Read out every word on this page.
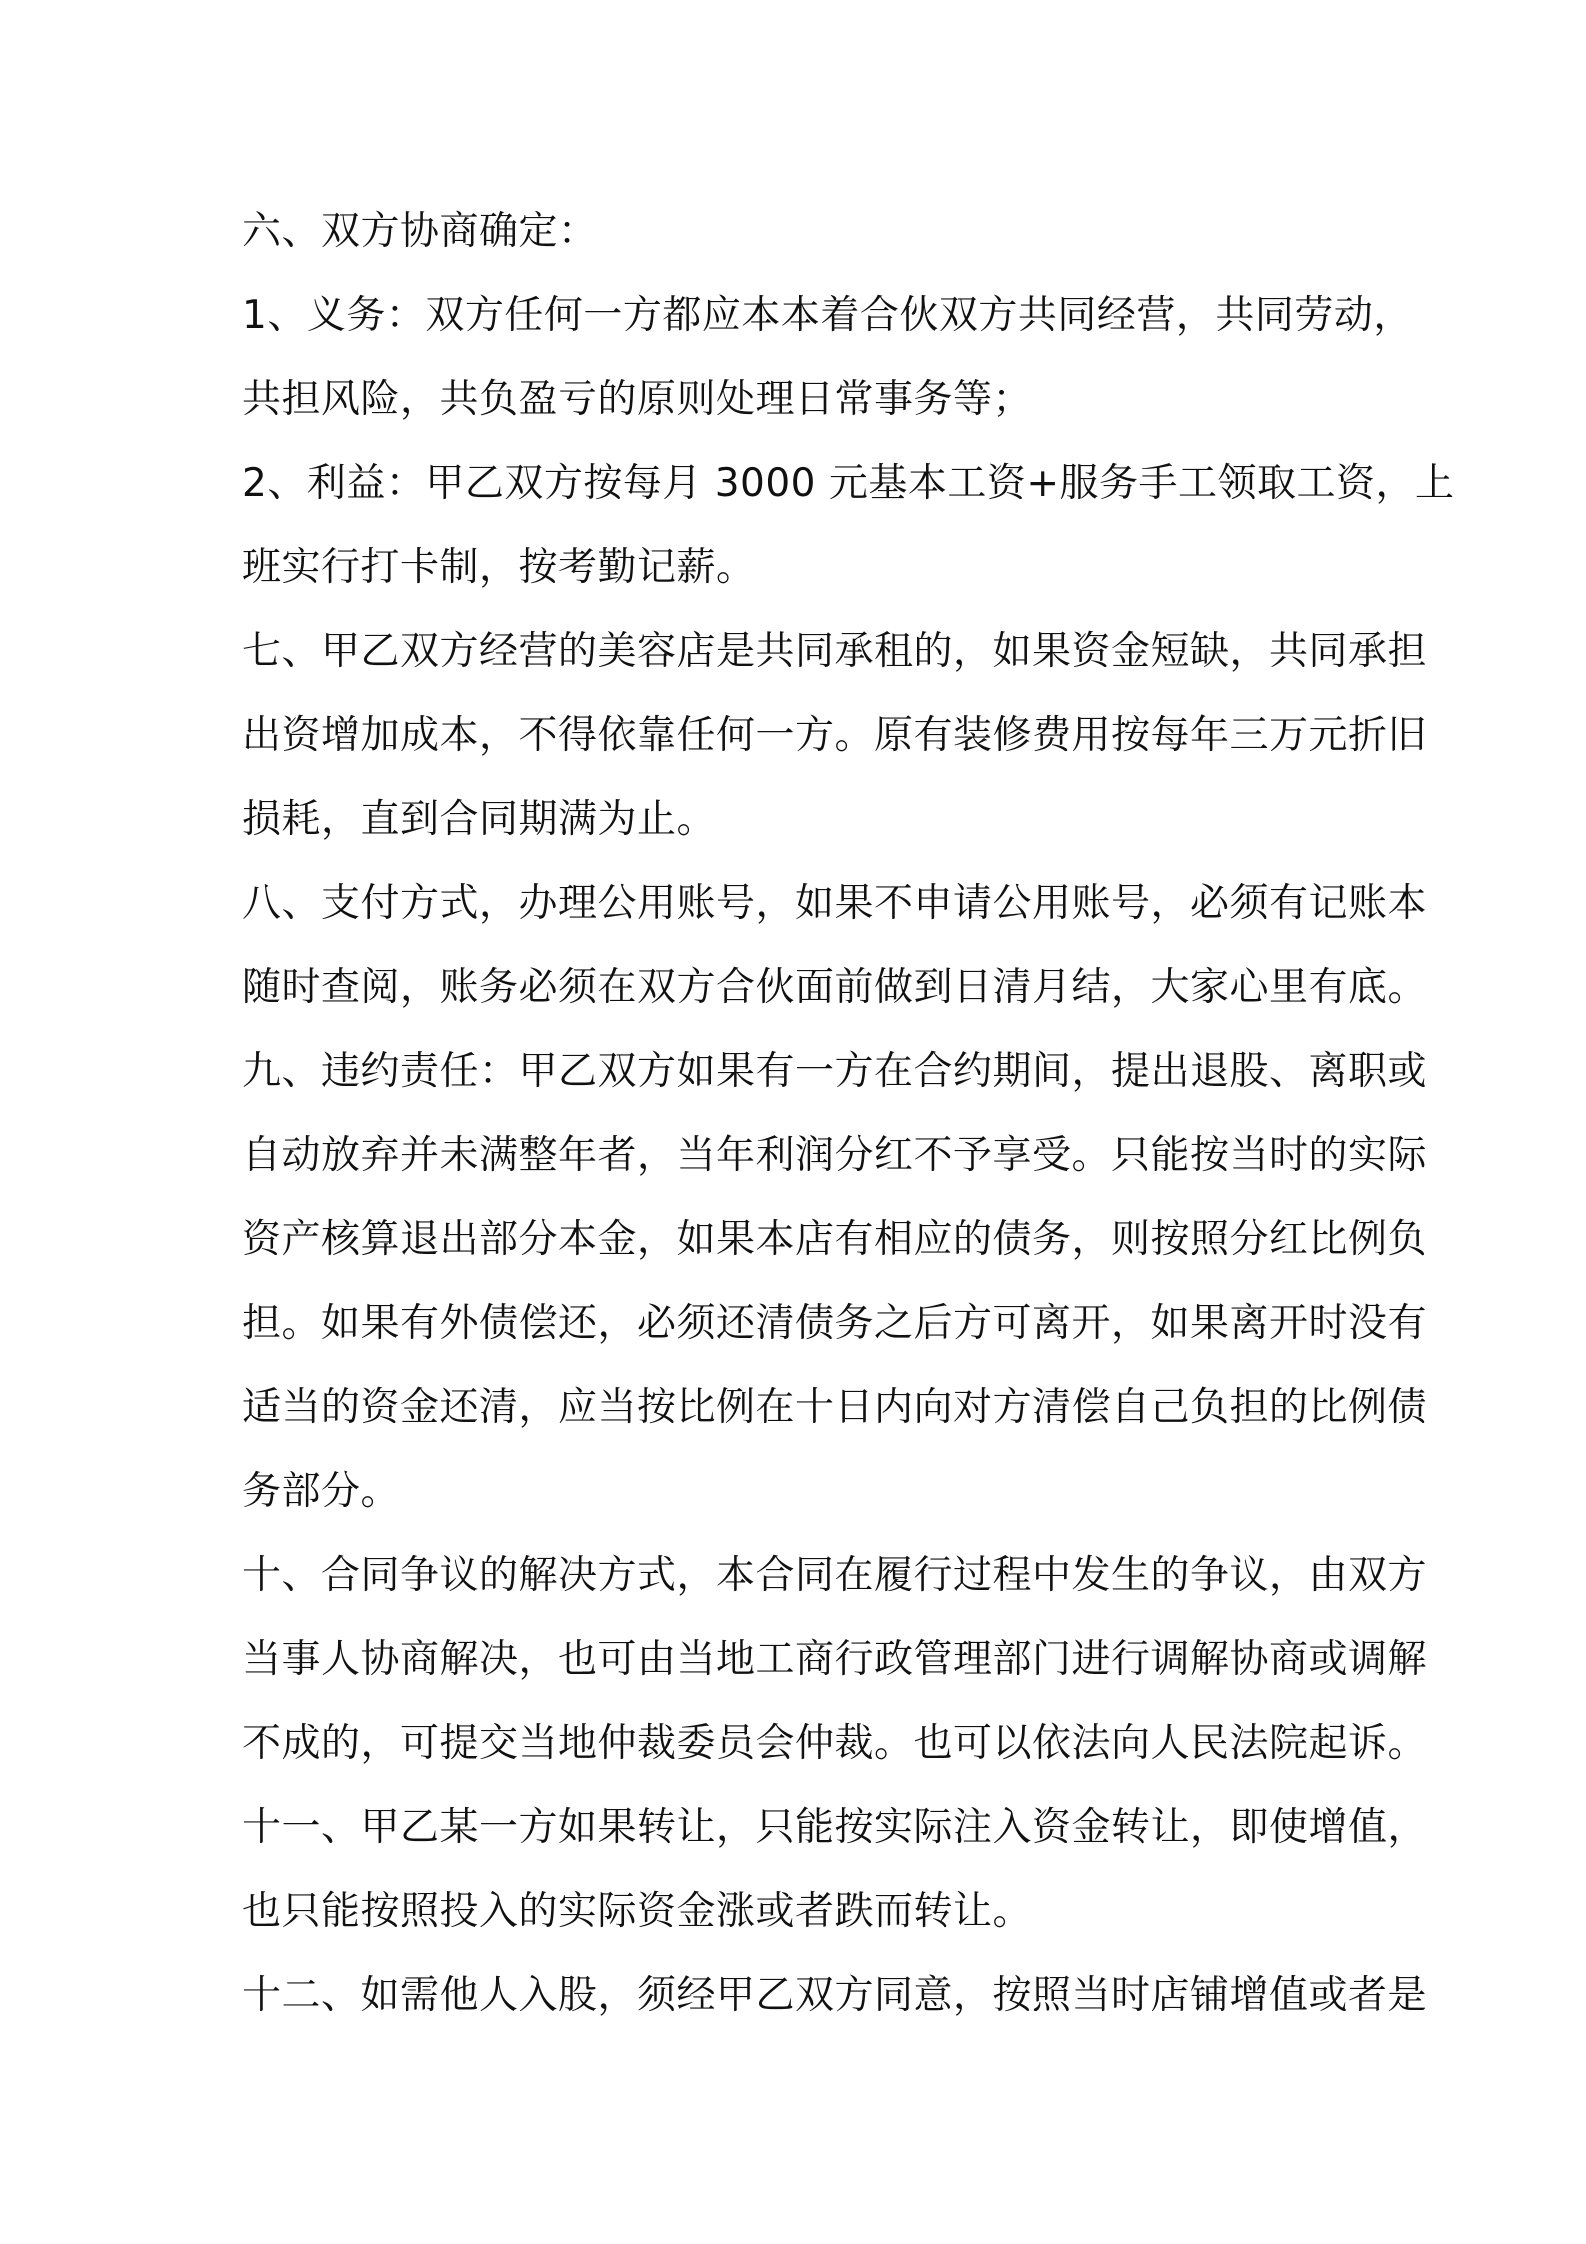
六、双方协商确定：
1、义务：双方任何一方都应本本着合伙双方共同经营，共同劳动，
共担风险，共负盈亏的原则处理日常事务等；
2、利益：甲乙双方按每月 3000 元基本工资+服务手工领取工资，上
班实行打卡制，按考勤记薪。
七、甲乙双方经营的美容店是共同承租的，如果资金短缺，共同承担
出资增加成本，不得依靠任何一方。原有装修费用按每年三万元折旧
损耗，直到合同期满为止。
八、支付方式，办理公用账号，如果不申请公用账号，必须有记账本
随时查阅，账务必须在双方合伙面前做到日清月结，大家心里有底。
九、违约责任：甲乙双方如果有一方在合约期间，提出退股、离职或
自动放弃并未满整年者，当年利润分红不予享受。只能按当时的实际
资产核算退出部分本金，如果本店有相应的债务，则按照分红比例负
担。如果有外债偿还，必须还清债务之后方可离开，如果离开时没有
适当的资金还清，应当按比例在十日内向对方清偿自己负担的比例债
务部分。
十、合同争议的解决方式，本合同在履行过程中发生的争议，由双方
当事人协商解决，也可由当地工商行政管理部门进行调解协商或调解
不成的，可提交当地仲裁委员会仲裁。也可以依法向人民法院起诉。
十一、甲乙某一方如果转让，只能按实际注入资金转让，即使增值，
也只能按照投入的实际资金涨或者跌而转让。
十二、如需他人入股，须经甲乙双方同意，按照当时店铺增值或者是
